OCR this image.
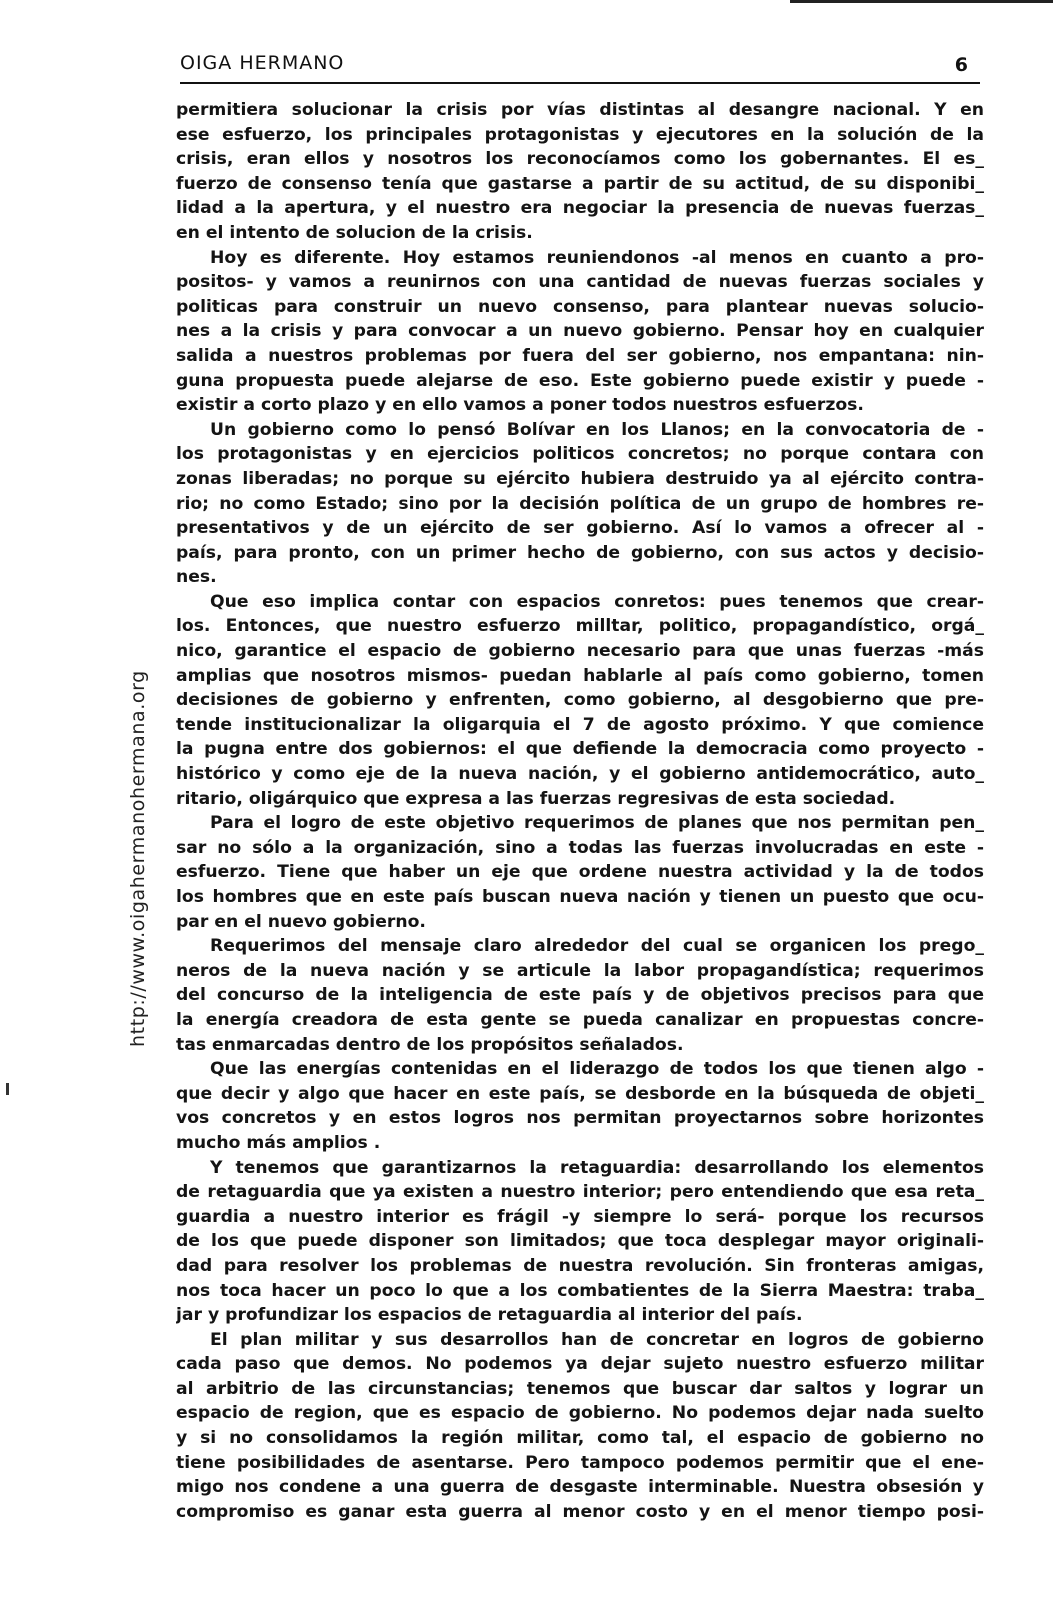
OIGA HERMANO	6
http://www.oigahermanohermana.org
permitiera solucionar la crisis por vías distintas al desangre nacional. Y en
ese esfuerzo, los principales protagonistas y ejecutores en la solución de la
crisis, eran ellos y nosotros los reconocíamos como los gobernantes. El es_
fuerzo de consenso tenía que gastarse a partir de su actitud, de su disponibi_
lidad a la apertura, y el nuestro era negociar la presencia de nuevas fuerzas_
en el intento de solucion de la crisis.
Hoy es diferente. Hoy estamos reuniendonos -al menos en cuanto a pro-
positos- y vamos a reunirnos con una cantidad de nuevas fuerzas sociales y
politicas para construir un nuevo consenso, para plantear nuevas solucio-
nes a la crisis y para convocar a un nuevo gobierno. Pensar hoy en cualquier
salida a nuestros problemas por fuera del ser gobierno, nos empantana: nin-
guna propuesta puede alejarse de eso. Este gobierno puede existir y puede -
existir a corto plazo y en ello vamos a poner todos nuestros esfuerzos.
Un gobierno como lo pensó Bolívar en los Llanos; en la convocatoria de -
los protagonistas y en ejercicios politicos concretos; no porque contara con
zonas liberadas; no porque su ejército hubiera destruido ya al ejército contra-
rio; no como Estado; sino por la decisión política de un grupo de hombres re-
presentativos y de un ejército de ser gobierno. Así lo vamos a ofrecer al -
país, para pronto, con un primer hecho de gobierno, con sus actos y decisio-
nes.
Que eso implica contar con espacios conretos: pues tenemos que crear-
los. Entonces, que nuestro esfuerzo milltar, politico, propagandístico, orgá_
nico, garantice el espacio de gobierno necesario para que unas fuerzas -más
amplias que nosotros mismos- puedan hablarle al país como gobierno, tomen
decisiones de gobierno y enfrenten, como gobierno, al desgobierno que pre-
tende institucionalizar la oligarquia el 7 de agosto próximo. Y que comience
la pugna entre dos gobiernos: el que defiende la democracia como proyecto -
histórico y como eje de la nueva nación, y el gobierno antidemocrático, auto_
ritario, oligárquico que expresa a las fuerzas regresivas de esta sociedad.
Para el logro de este objetivo requerimos de planes que nos permitan pen_
sar no sólo a la organización, sino a todas las fuerzas involucradas en este -
esfuerzo. Tiene que haber un eje que ordene nuestra actividad y la de todos
los hombres que en este país buscan nueva nación y tienen un puesto que ocu-
par en el nuevo gobierno.
Requerimos del mensaje claro alrededor del cual se organicen los prego_
neros de la nueva nación y se articule la labor propagandística; requerimos
del concurso de la inteligencia de este país y de objetivos precisos para que
la energía creadora de esta gente se pueda canalizar en propuestas concre-
tas enmarcadas dentro de los propósitos señalados.
Que las energías contenidas en el liderazgo de todos los que tienen algo -
que decir y algo que hacer en este país, se desborde en la búsqueda de objeti_
vos concretos y en estos logros nos permitan proyectarnos sobre horizontes
mucho más amplios .
Y tenemos que garantizarnos la retaguardia: desarrollando los elementos
de retaguardia que ya existen a nuestro interior; pero entendiendo que esa reta_
guardia a nuestro interior es frágil -y siempre lo será- porque los recursos
de los que puede disponer son limitados; que toca desplegar mayor originali-
dad para resolver los problemas de nuestra revolución. Sin fronteras amigas,
nos toca hacer un poco lo que a los combatientes de la Sierra Maestra: traba_
jar y profundizar los espacios de retaguardia al interior del país.
El plan militar y sus desarrollos han de concretar en logros de gobierno
cada paso que demos. No podemos ya dejar sujeto nuestro esfuerzo militar
al arbitrio de las circunstancias; tenemos que buscar dar saltos y lograr un
espacio de region, que es espacio de gobierno. No podemos dejar nada suelto
y si no consolidamos la región militar, como tal, el espacio de gobierno no
tiene posibilidades de asentarse. Pero tampoco podemos permitir que el ene-
migo nos condene a una guerra de desgaste interminable. Nuestra obsesión y
compromiso es ganar esta guerra al menor costo y en el menor tiempo posi-
